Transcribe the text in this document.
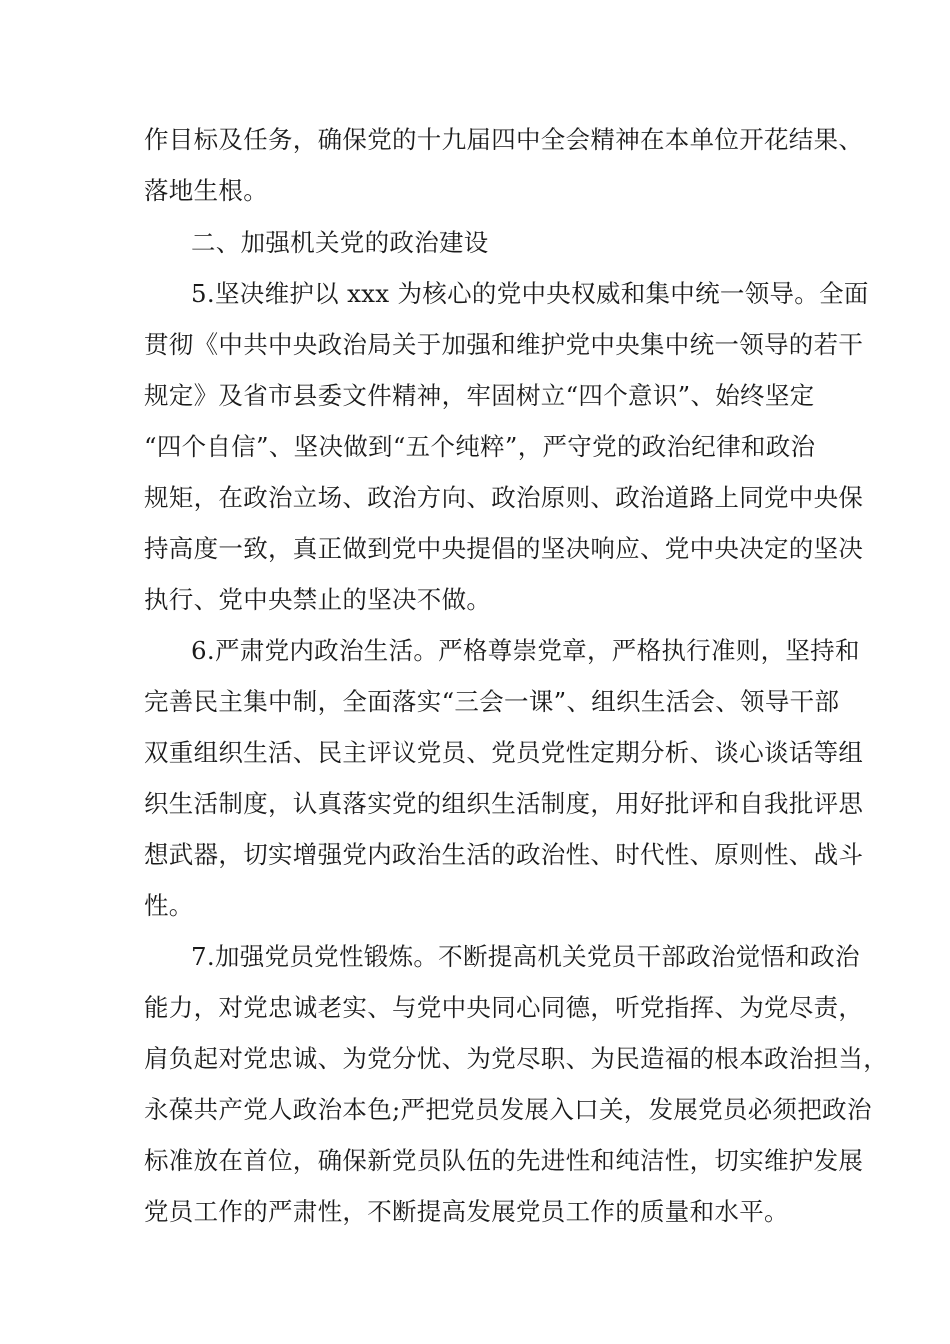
作目标及任务，确保党的十九届四中全会精神在本单位开花结果、
落地生根。
二、加强机关党的政治建设
5.坚决维护以 xxx 为核心的党中央权威和集中统一领导。全面
贯彻《中共中央政治局关于加强和维护党中央集中统一领导的若干
规定》及省市县委文件精神，牢固树立“四个意识”、始终坚定
“四个自信”、坚决做到“五个纯粹”，严守党的政治纪律和政治
规矩，在政治立场、政治方向、政治原则、政治道路上同党中央保
持高度一致，真正做到党中央提倡的坚决响应、党中央决定的坚决
执行、党中央禁止的坚决不做。
6.严肃党内政治生活。严格尊崇党章，严格执行准则，坚持和
完善民主集中制，全面落实“三会一课”、组织生活会、领导干部
双重组织生活、民主评议党员、党员党性定期分析、谈心谈话等组
织生活制度，认真落实党的组织生活制度，用好批评和自我批评思
想武器，切实增强党内政治生活的政治性、时代性、原则性、战斗
性。
7.加强党员党性锻炼。不断提高机关党员干部政治觉悟和政治
能力，对党忠诚老实、与党中央同心同德，听党指挥、为党尽责，
肩负起对党忠诚、为党分忧、为党尽职、为民造福的根本政治担当，
永葆共产党人政治本色;严把党员发展入口关，发展党员必须把政治
标准放在首位，确保新党员队伍的先进性和纯洁性，切实维护发展
党员工作的严肃性，不断提高发展党员工作的质量和水平。
